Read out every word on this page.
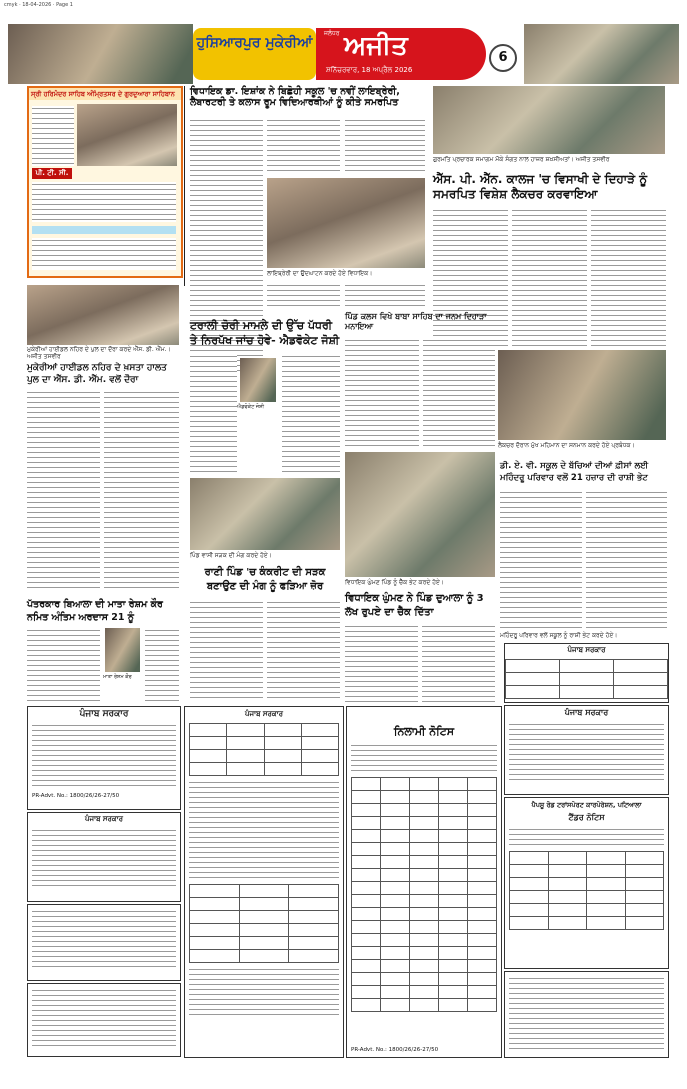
cmyk · 18-04-2026 · Page 1
ਹੁਸ਼ਿਆਰਪੁਰ ਮੁਕੇਰੀਆਂ
ਜਲੰਧਰ ਅਜੀਤ
ਸ਼ਨਿੱਚਰਵਾਰ, 18 ਅਪ੍ਰੈਲ 2026
6
ਸ੍ਰੀ ਹਰਿਮੰਦਰ ਸਾਹਿਬ ਅੰਮ੍ਰਿਤਸਰ ਦੇ ਗੁਰਦੁਆਰਾ ਸਾਹਿਬਾਨ
ਪੀ. ਟੀ. ਸੀ.
ਵਿਧਾਇਕ ਡਾ. ਇਸ਼ਾਂਕ ਨੇ ਬਿਛੋਹੀ ਸਕੂਲ 'ਚ ਨਵੀਂ ਲਾਇਬ੍ਰੇਰੀ, ਲੈਬਾਰਟਰੀ ਤੇ ਕਲਾਸ ਰੂਮ ਵਿਦਿਆਰਥੀਆਂ ਨੂੰ ਕੀਤੇ ਸਮਰਪਿਤ
ਲਾਇਬ੍ਰੇਰੀ ਦਾ ਉਦਘਾਟਨ ਕਰਦੇ ਹੋਏ ਵਿਧਾਇਕ।
ਗੁਰਮਤਿ ਪ੍ਰਚਾਰਕ ਸਮਾਗਮ ਮੌਕੇ ਸੰਗਤ ਨਾਲ ਹਾਜ਼ਰ ਸ਼ਖ਼ਸੀਅਤਾਂ। ਅਜੀਤ ਤਸਵੀਰ
ਐੱਸ. ਪੀ. ਐੱਨ. ਕਾਲਜ 'ਚ ਵਿਸਾਖੀ ਦੇ ਦਿਹਾੜੇ ਨੂੰ ਸਮਰਪਿਤ ਵਿਸ਼ੇਸ਼ ਲੈਕਚਰ ਕਰਵਾਇਆ
ਲੈਕਚਰ ਦੌਰਾਨ ਮੁੱਖ ਮਹਿਮਾਨ ਦਾ ਸਨਮਾਨ ਕਰਦੇ ਹੋਏ ਪ੍ਰਬੰਧਕ।
ਪਿੰਡ ਕਲਸ ਵਿਖੇ ਬਾਬਾ ਸਾਹਿਬ ਦਾ ਜਨਮ ਦਿਹਾੜਾ ਮਨਾਇਆ
ਵਿਧਾਇਕ ਘੁੰਮਣ ਪਿੰਡ ਨੂੰ ਚੈੱਕ ਭੇਟ ਕਰਦੇ ਹੋਏ।
ਮੁਕੇਰੀਆਂ ਹਾਈਡਲ ਨਹਿਰ ਦੇ ਪੁਲ ਦਾ ਦੌਰਾ ਕਰਦੇ ਐੱਸ. ਡੀ. ਐੱਮ.। ਅਜੀਤ ਤਸਵੀਰ
ਮੁਕੇਰੀਆਂ ਹਾਈਡਲ ਨਹਿਰ ਦੇ ਖ਼ਸਤਾ ਹਾਲਤ ਪੁਲ ਦਾ ਐੱਸ. ਡੀ. ਐੱਮ. ਵਲੋਂ ਦੌਰਾ
ਪੱਤਰਕਾਰ ਬਿਆਲਾ ਦੀ ਮਾਤਾ ਰੇਸ਼ਮ ਕੌਰ ਨਮਿਤ ਅੰਤਿਮ ਅਰਦਾਸ 21 ਨੂੰ
ਮਾਤਾ ਰੇਸ਼ਮ ਕੌਰ
ਟਰਾਲੀ ਚੋਰੀ ਮਾਮਲੇ ਦੀ ਉੱਚ ਪੱਧਰੀ ਤੇ ਨਿਰਪੱਖ ਜਾਂਚ ਹੋਵੇ- ਐਡਵੋਕੇਟ ਜੋਸ਼ੀ
ਐਡਵੋਕੇਟ ਜੋਸ਼ੀ
ਪਿੰਡ ਵਾਸੀ ਸੜਕ ਦੀ ਮੰਗ ਕਰਦੇ ਹੋਏ।
ਰਾਣੀ ਪਿੰਡ 'ਚ ਕੰਕਰੀਟ ਦੀ ਸੜਕ ਬਣਾਉਣ ਦੀ ਮੰਗ ਨੂੰ ਫੜਿਆ ਜ਼ੋਰ
ਵਿਧਾਇਕ ਘੁੰਮਣ ਨੇ ਪਿੰਡ ਦੁਆਲਾ ਨੂੰ 3 ਲੱਖ ਰੁਪਏ ਦਾ ਚੈੱਕ ਦਿੱਤਾ
ਡੀ. ਏ. ਵੀ. ਸਕੂਲ ਦੇ ਬੱਚਿਆਂ ਦੀਆਂ ਫ਼ੀਸਾਂ ਲਈ ਮਹਿੰਦਰੂ ਪਰਿਵਾਰ ਵਲੋਂ 21 ਹਜ਼ਾਰ ਦੀ ਰਾਸ਼ੀ ਭੇਟ
ਮਹਿੰਦਰੂ ਪਰਿਵਾਰ ਵਲੋਂ ਸਕੂਲ ਨੂੰ ਰਾਸ਼ੀ ਭੇਟ ਕਰਦੇ ਹੋਏ।
ਪੰਜਾਬ ਸਰਕਾਰ
PR-Advt. No.: 1800/26/26-27/50
ਪੰਜਾਬ ਸਰਕਾਰ
ਪੰਜਾਬ ਸਰਕਾਰ

ਨਿਲਾਮੀ ਨੋਟਿਸ

PR-Advt. No.: 1800/26/26-27/50
ਪੰਜਾਬ ਸਰਕਾਰ

ਪੰਜਾਬ ਸਰਕਾਰ
ਪੈਪਸੂ ਰੋਡ ਟਰਾਂਸਪੋਰਟ ਕਾਰਪੋਰੇਸ਼ਨ, ਪਟਿਆਲਾ
ਟੈਂਡਰ ਨੋਟਿਸ
